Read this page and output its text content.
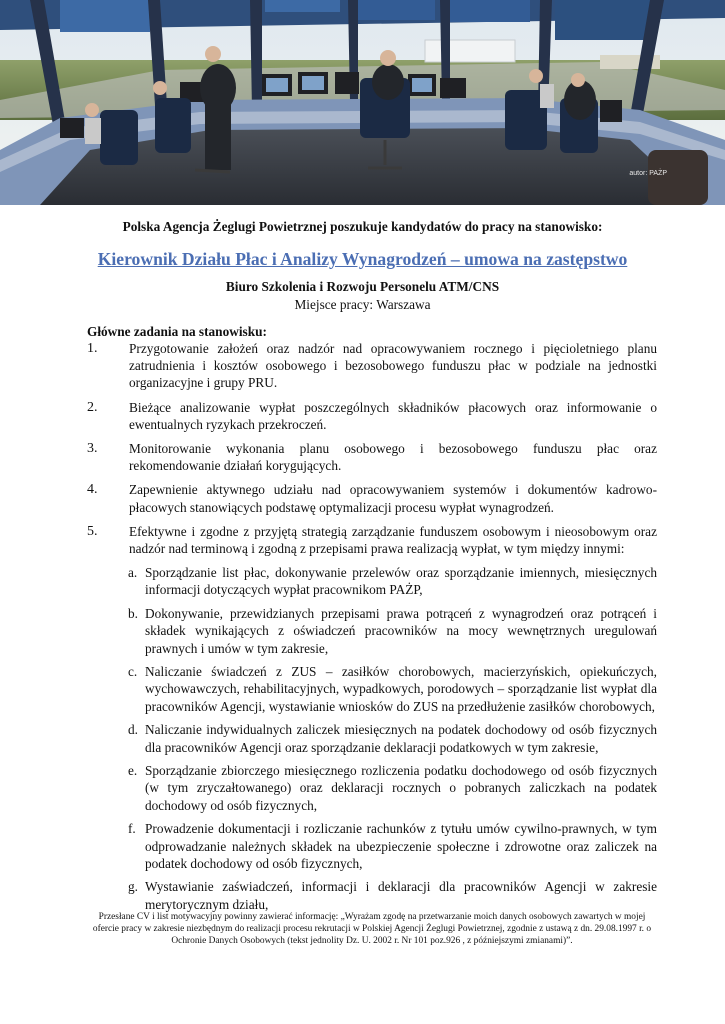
autor: PAŻP
Polska Agencja Żeglugi Powietrznej poszukuje kandydatów do pracy na stanowisko:
Kierownik Działu Płac i Analizy Wynagrodzeń – umowa na zastępstwo
Biuro Szkolenia i Rozwoju Personelu ATM/CNS
Miejsce pracy: Warszawa
Główne zadania na stanowisku:
1. Przygotowanie założeń oraz nadzór nad opracowywaniem rocznego i pięcioletniego planu zatrudnienia i kosztów osobowego i bezosobowego funduszu płac w podziale na jednostki organizacyjne i grupy PRU.
2. Bieżące analizowanie wypłat poszczególnych składników płacowych oraz informowanie o ewentualnych ryzykach przekroczeń.
3. Monitorowanie wykonania planu osobowego i bezosobowego funduszu płac oraz rekomendowanie działań korygujących.
4. Zapewnienie aktywnego udziału nad opracowywaniem systemów i dokumentów kadrowo-płacowych stanowiących podstawę optymalizacji procesu wypłat wynagrodzeń.
5. Efektywne i zgodne z przyjętą strategią zarządzanie funduszem osobowym i nieosobowym oraz nadzór nad terminową i zgodną z przepisami prawa realizacją wypłat, w tym między innymi:
a. Sporządzanie list płac, dokonywanie przelewów oraz sporządzanie imiennych, miesięcznych informacji dotyczących wypłat pracownikom PAŻP,
b. Dokonywanie, przewidzianych przepisami prawa potrąceń z wynagrodzeń oraz potrąceń i składek wynikających z oświadczeń pracowników na mocy wewnętrznych uregulowań prawnych i umów w tym zakresie,
c. Naliczanie świadczeń z ZUS – zasiłków chorobowych, macierzyńskich, opiekuńczych, wychowawczych, rehabilitacyjnych, wypadkowych, porodowych – sporządzanie list wypłat dla pracowników Agencji, wystawianie wniosków do ZUS na przedłużenie zasiłków chorobowych,
d. Naliczanie indywidualnych zaliczek miesięcznych na podatek dochodowy od osób fizycznych dla pracowników Agencji oraz sporządzanie deklaracji podatkowych w tym zakresie,
e. Sporządzanie zbiorczego miesięcznego rozliczenia podatku dochodowego od osób fizycznych (w tym zryczałtowanego) oraz deklaracji rocznych o pobranych zaliczkach na podatek dochodowy od osób fizycznych,
f. Prowadzenie dokumentacji i rozliczanie rachunków z tytułu umów cywilno-prawnych, w tym odprowadzanie należnych składek na ubezpieczenie społeczne i zdrowotne oraz zaliczek na podatek dochodowy od osób fizycznych,
g. Wystawianie zaświadczeń, informacji i deklaracji dla pracowników Agencji w zakresie merytorycznym działu,
Przesłane CV i list motywacyjny powinny zawierać informację: „Wyrażam zgodę na przetwarzanie moich danych osobowych zawartych w mojej ofercie pracy w zakresie niezbędnym do realizacji procesu rekrutacji w Polskiej Agencji Żeglugi Powietrznej, zgodnie z ustawą z dn. 29.08.1997 r. o Ochronie Danych Osobowych (tekst jednolity Dz. U. 2002 r. Nr 101 poz.926 , z późniejszymi zmianami)”.
